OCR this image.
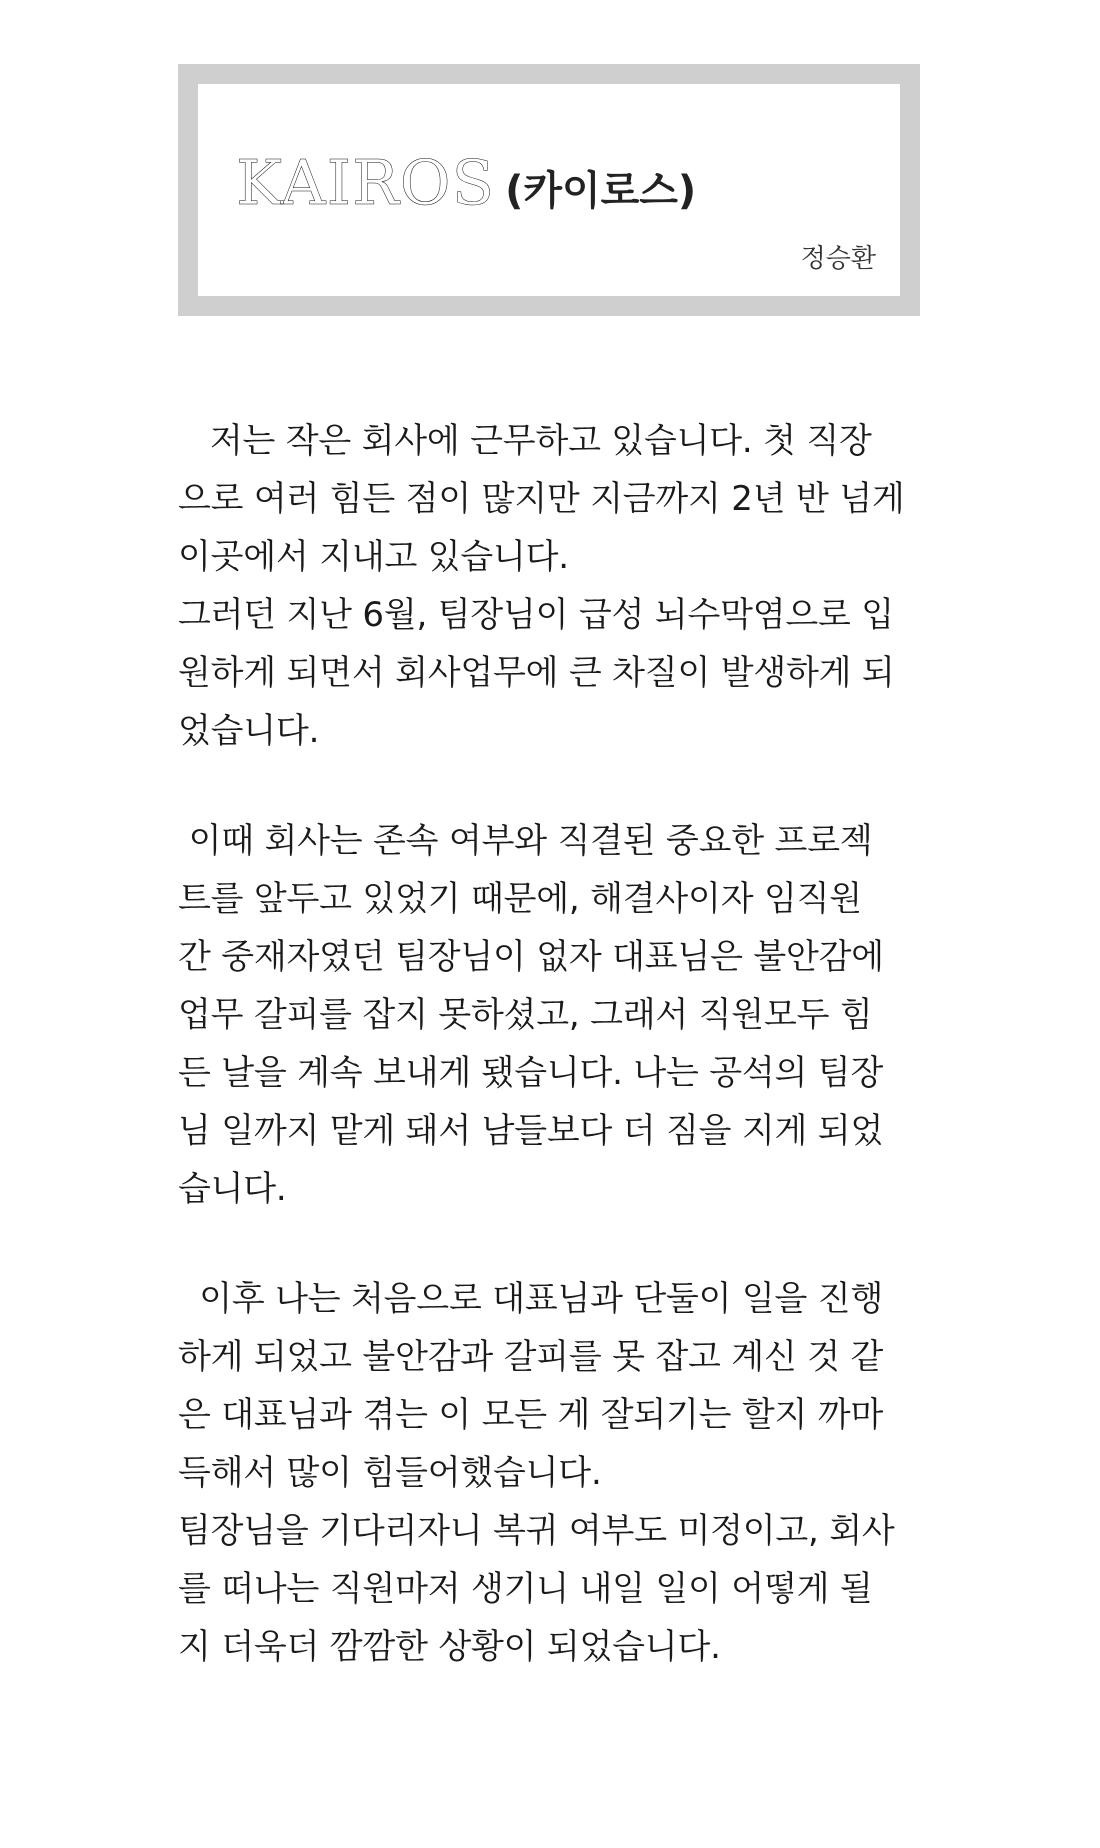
KAIROS (카이로스)
정승환
저는 작은 회사에 근무하고 있습니다. 첫 직장
으로 여러 힘든 점이 많지만 지금까지 2년 반 넘게
이곳에서 지내고 있습니다.
그러던 지난 6월, 팀장님이 급성 뇌수막염으로 입
원하게 되면서 회사업무에 큰 차질이 발생하게 되
었습니다.
이때 회사는 존속 여부와 직결된 중요한 프로젝
트를 앞두고 있었기 때문에, 해결사이자 임직원
간 중재자였던 팀장님이 없자 대표님은 불안감에
업무 갈피를 잡지 못하셨고, 그래서 직원모두 힘
든 날을 계속 보내게 됐습니다. 나는 공석의 팀장
님 일까지 맡게 돼서 남들보다 더 짐을 지게 되었
습니다.
이후 나는 처음으로 대표님과 단둘이 일을 진행
하게 되었고 불안감과 갈피를 못 잡고 계신 것 같
은 대표님과 겪는 이 모든 게 잘되기는 할지 까마
득해서 많이 힘들어했습니다.
팀장님을 기다리자니 복귀 여부도 미정이고, 회사
를 떠나는 직원마저 생기니 내일 일이 어떻게 될
지 더욱더 깜깜한 상황이 되었습니다.
